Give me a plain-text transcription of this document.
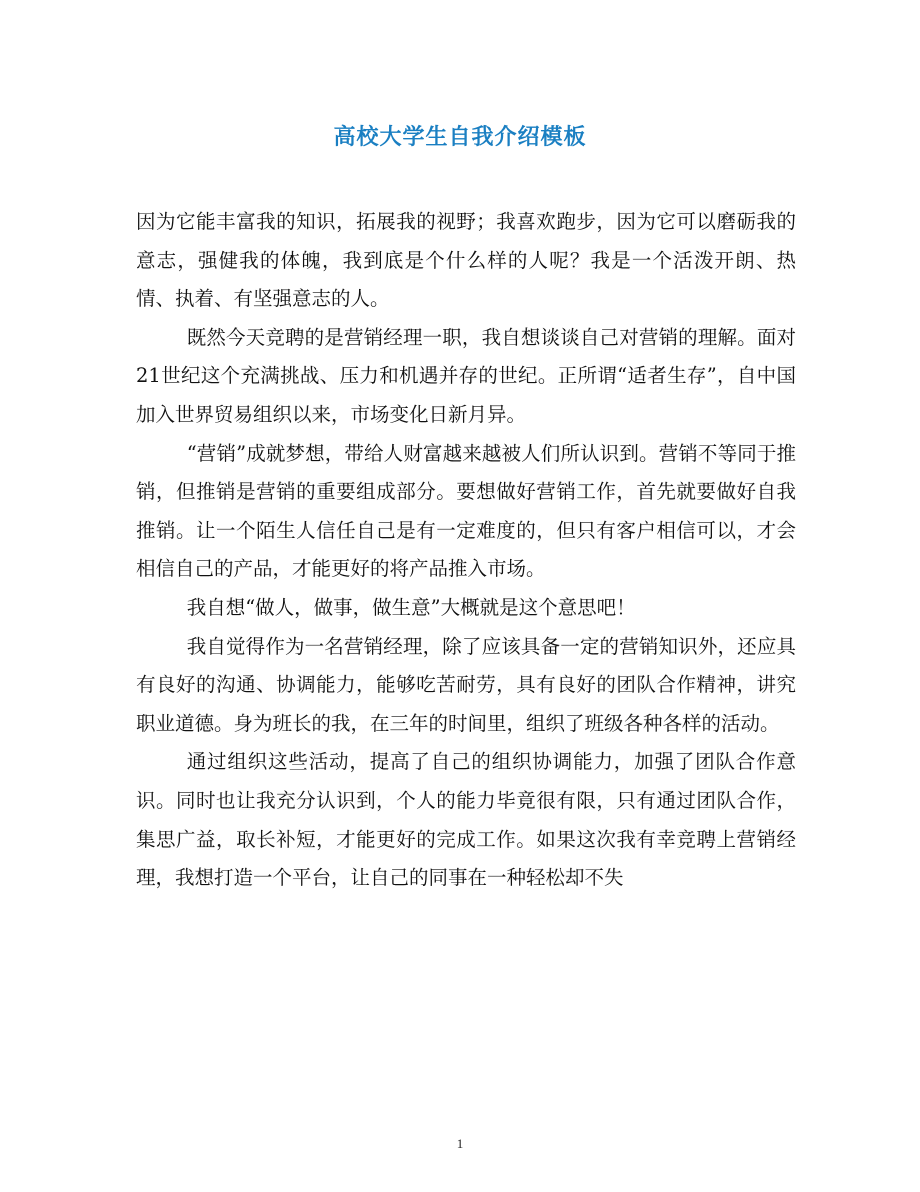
高校大学生自我介绍模板

因为它能丰富我的知识，拓展我的视野；我喜欢跑步，因为它可以磨砺我的意志，强健我的体魄，我到底是个什么样的人呢？我是一个活泼开朗、热情、执着、有坚强意志的人。

既然今天竞聘的是营销经理一职，我自想谈谈自己对营销的理解。面对21世纪这个充满挑战、压力和机遇并存的世纪。正所谓“适者生存”，自中国加入世界贸易组织以来，市场变化日新月异。

“营销”成就梦想，带给人财富越来越被人们所认识到。营销不等同于推销，但推销是营销的重要组成部分。要想做好营销工作，首先就要做好自我推销。让一个陌生人信任自己是有一定难度的，但只有客户相信可以，才会相信自己的产品，才能更好的将产品推入市场。

我自想“做人，做事，做生意”大概就是这个意思吧！

我自觉得作为一名营销经理，除了应该具备一定的营销知识外，还应具有良好的沟通、协调能力，能够吃苦耐劳，具有良好的团队合作精神，讲究职业道德。身为班长的我，在三年的时间里，组织了班级各种各样的活动。

通过组织这些活动，提高了自己的组织协调能力，加强了团队合作意识。同时也让我充分认识到，个人的能力毕竟很有限，只有通过团队合作，集思广益，取长补短，才能更好的完成工作。如果这次我有幸竞聘上营销经理，我想打造一个平台，让自己的同事在一种轻松却不失

1
